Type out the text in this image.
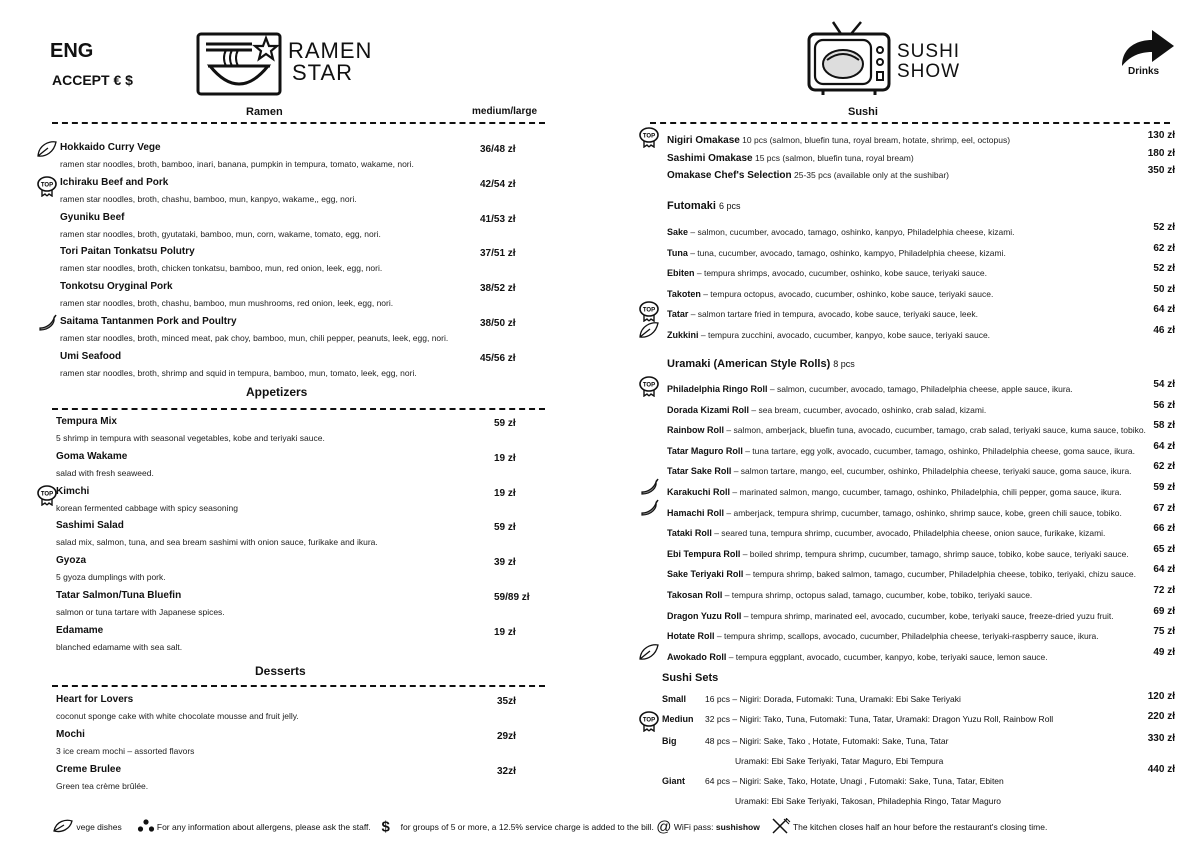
ENG
ACCEPT € $
RAMEN
STAR
SUSHI
SHOW	Drinks
Ramen	medium/large
Hokkaido Curry Vege
ramen star noodles, broth, bamboo, inari, banana, pumpkin in tempura, tomato, wakame, nori.
36/48 zł
Ichiraku Beef and Pork
ramen star noodles, broth, chashu, bamboo, mun, kanpyo, wakame,, egg, nori.
42/54 zł
TOP
Gyuniku Beef
ramen star noodles, broth, gyutataki, bamboo, mun, corn, wakame, tomato, egg, nori.
41/53 zł
Tori Paitan Tonkatsu Polutry
ramen star noodles, broth, chicken tonkatsu, bamboo, mun, red onion, leek, egg, nori.
37/51 zł
Tonkotsu Oryginal Pork
ramen star noodles, broth, chashu, bamboo, mun mushrooms, red onion, leek, egg, nori.
38/52 zł
Saitama Tantanmen Pork and Poultry
ramen star noodles, broth, minced meat, pak choy, bamboo, mun, chili pepper, peanuts, leek, egg, nori.
38/50 zł
Umi Seafood
ramen star noodles, broth, shrimp and squid in tempura, bamboo, mun, tomato, leek, egg, nori.
45/56 zł
Appetizers
Tempura Mix
5 shrimp in tempura with seasonal vegetables, kobe and teriyaki sauce.
59 zł
Goma Wakame
salad with fresh seaweed.
19 zł
Kimchi
korean fermented cabbage with spicy seasoning
19 zł
TOP
Sashimi Salad
salad mix, salmon, tuna, and sea bream sashimi with onion sauce, furikake and ikura.
59 zł
Gyoza
5 gyoza dumplings with pork.
39 zł
Tatar Salmon/Tuna Bluefin
salmon or tuna tartare with Japanese spices.
59/89 zł
Edamame
blanched edamame with sea salt.
19 zł
Desserts
Heart for Lovers
coconut sponge cake with white chocolate mousse and fruit jelly.
35zł
Mochi
3 ice cream mochi – assorted flavors
29zł
Creme Brulee
Green tea crème brûlée.
32zł
Sushi
Nigiri Omakase 10 pcs (salmon, bluefin tuna, royal bream, hotate, shrimp, eel, octopus)	130 zł
TOP
Sashimi Omakase 15 pcs (salmon, bluefin tuna, royal bream)	180 zł
Omakase Chef's Selection 25-35 pcs (available only at the sushibar)	350 zł
Futomaki 6 pcs
Sake – salmon, cucumber, avocado, tamago, oshinko, kanpyo, Philadelphia cheese, kizami.	52 zł
Tuna – tuna, cucumber, avocado, tamago, oshinko, kampyo, Philadelphia cheese, kizami.	62 zł
Ebiten – tempura shrimps, avocado, cucumber, oshinko, kobe sauce, teriyaki sauce.	52 zł
Takoten – tempura octopus, avocado, cucumber, oshinko, kobe sauce, teriyaki sauce.	50 zł
Tatar – salmon tartare fried in tempura, avocado, kobe sauce, teriyaki sauce, leek.	64 zł
TOP
Zukkini – tempura zucchini, avocado, cucumber, kanpyo, kobe sauce, teriyaki sauce.	46 zł
Uramaki (American Style Rolls) 8 pcs
Philadelphia Ringo Roll – salmon, cucumber, avocado, tamago, Philadelphia cheese, apple sauce, ikura.	54 zł
TOP
Dorada Kizami Roll – sea bream, cucumber, avocado, oshinko, crab salad, kizami.	56 zł
Rainbow Roll – salmon, amberjack, bluefin tuna, avocado, cucumber, tamago, crab salad, teriyaki sauce, kuma sauce, tobiko. 58 zł
Tatar Maguro Roll – tuna tartare, egg yolk, avocado, cucumber, tamago, oshinko, Philadelphia cheese, goma sauce, ikura. 64 zł
Tatar Sake Roll – salmon tartare, mango, eel, cucumber, oshinko, Philadelphia cheese, teriyaki sauce, goma sauce, ikura. 62 zł
Karakuchi Roll – marinated salmon, mango, cucumber, tamago, oshinko, Philadelphia, chili pepper, goma sauce, ikura.	59 zł
Hamachi Roll – amberjack, tempura shrimp, cucumber, tamago, oshinko, shrimp sauce, kobe, green chili sauce, tobiko.	67 zł
Tataki Roll – seared tuna, tempura shrimp, cucumber, avocado, Philadelphia cheese, onion sauce, furikake, kizami.	66 zł
Ebi Tempura Roll – boiled shrimp, tempura shrimp, cucumber, tamago, shrimp sauce, tobiko, kobe sauce, teriyaki sauce. 65 zł
Sake Teriyaki Roll – tempura shrimp, baked salmon, tamago, cucumber, Philadelphia cheese, tobiko, teriyaki, chizu sauce. 64 zł
Takosan Roll – tempura shrimp, octopus salad, tamago, cucumber, kobe, tobiko, teriyaki sauce.	72 zł
Dragon Yuzu Roll – tempura shrimp, marinated eel, avocado, cucumber, kobe, teriyaki sauce, freeze-dried yuzu fruit.	69 zł
Hotate Roll – tempura shrimp, scallops, avocado, cucumber, Philadelphia cheese, teriyaki-raspberry sauce, ikura.	75 zł
Awokado Roll – tempura eggplant, avocado, cucumber, kanpyo, kobe, teriyaki sauce, lemon sauce.	49 zł
Sushi Sets
Small 16 pcs – Nigiri: Dorada, Futomaki: Tuna, Uramaki: Ebi Sake Teriyaki	120 zł
Mediun 32 pcs – Nigiri: Tako, Tuna, Futomaki: Tuna, Tatar, Uramaki: Dragon Yuzu Roll, Rainbow Roll	220 zł
TOP
Big	48 pcs – Nigiri: Sake, Tako , Hotate, Futomaki: Sake, Tuna, Tatar
Uramaki: Ebi Sake Teriyaki, Tatar Maguro, Ebi Tempura
330 zł
Giant 64 pcs – Nigiri: Sake, Tako, Hotate, Unagi , Futomaki: Sake, Tuna, Tatar, Ebiten
Uramaki: Ebi Sake Teriyaki, Takosan, Philadephia Ringo, Tatar Maguro
440 zł
vege dishes	For any information about allergens, please ask the staff. $ for groups of 5 or more, a 12.5% service charge is added to the bill. @ WiFi pass: sushishow	The kitchen closes half an hour before the restaurant's closing time.
